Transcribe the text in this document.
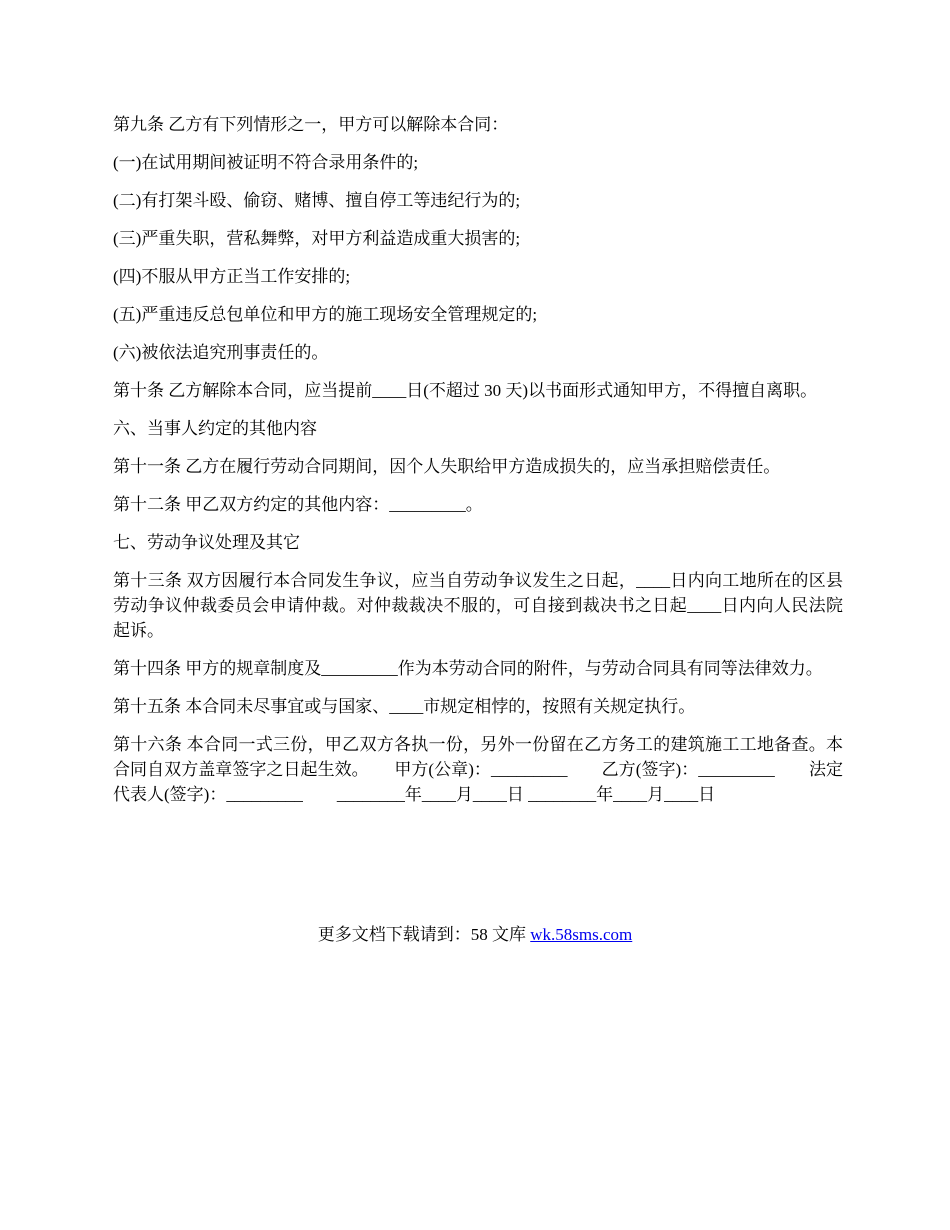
第九条 乙方有下列情形之一，甲方可以解除本合同：

(一)在试用期间被证明不符合录用条件的;

(二)有打架斗殴、偷窃、赌博、擅自停工等违纪行为的;

(三)严重失职，营私舞弊，对甲方利益造成重大损害的;

(四)不服从甲方正当工作安排的;

(五)严重违反总包单位和甲方的施工现场安全管理规定的;

(六)被依法追究刑事责任的。

第十条 乙方解除本合同，应当提前____日(不超过 30 天)以书面形式通知甲方，不得擅自离职。

六、当事人约定的其他内容

第十一条 乙方在履行劳动合同期间，因个人失职给甲方造成损失的，应当承担赔偿责任。

第十二条 甲乙双方约定的其他内容：_________。

七、劳动争议处理及其它

第十三条 双方因履行本合同发生争议，应当自劳动争议发生之日起，____日内向工地所在的区县劳动争议仲裁委员会申请仲裁。对仲裁裁决不服的，可自接到裁决书之日起____日内向人民法院起诉。

第十四条 甲方的规章制度及_________作为本劳动合同的附件，与劳动合同具有同等法律效力。

第十五条 本合同未尽事宜或与国家、____市规定相悖的，按照有关规定执行。

第十六条 本合同一式三份，甲乙双方各执一份，另外一份留在乙方务工的建筑施工工地备查。本合同自双方盖章签字之日起生效。　　甲方(公章)：_________　　乙方(签字)：_________　　法定代表人(签字)：_________　　________年____月____日 ________年____月____日

更多文档下载请到：58 文库 wk.58sms.com
